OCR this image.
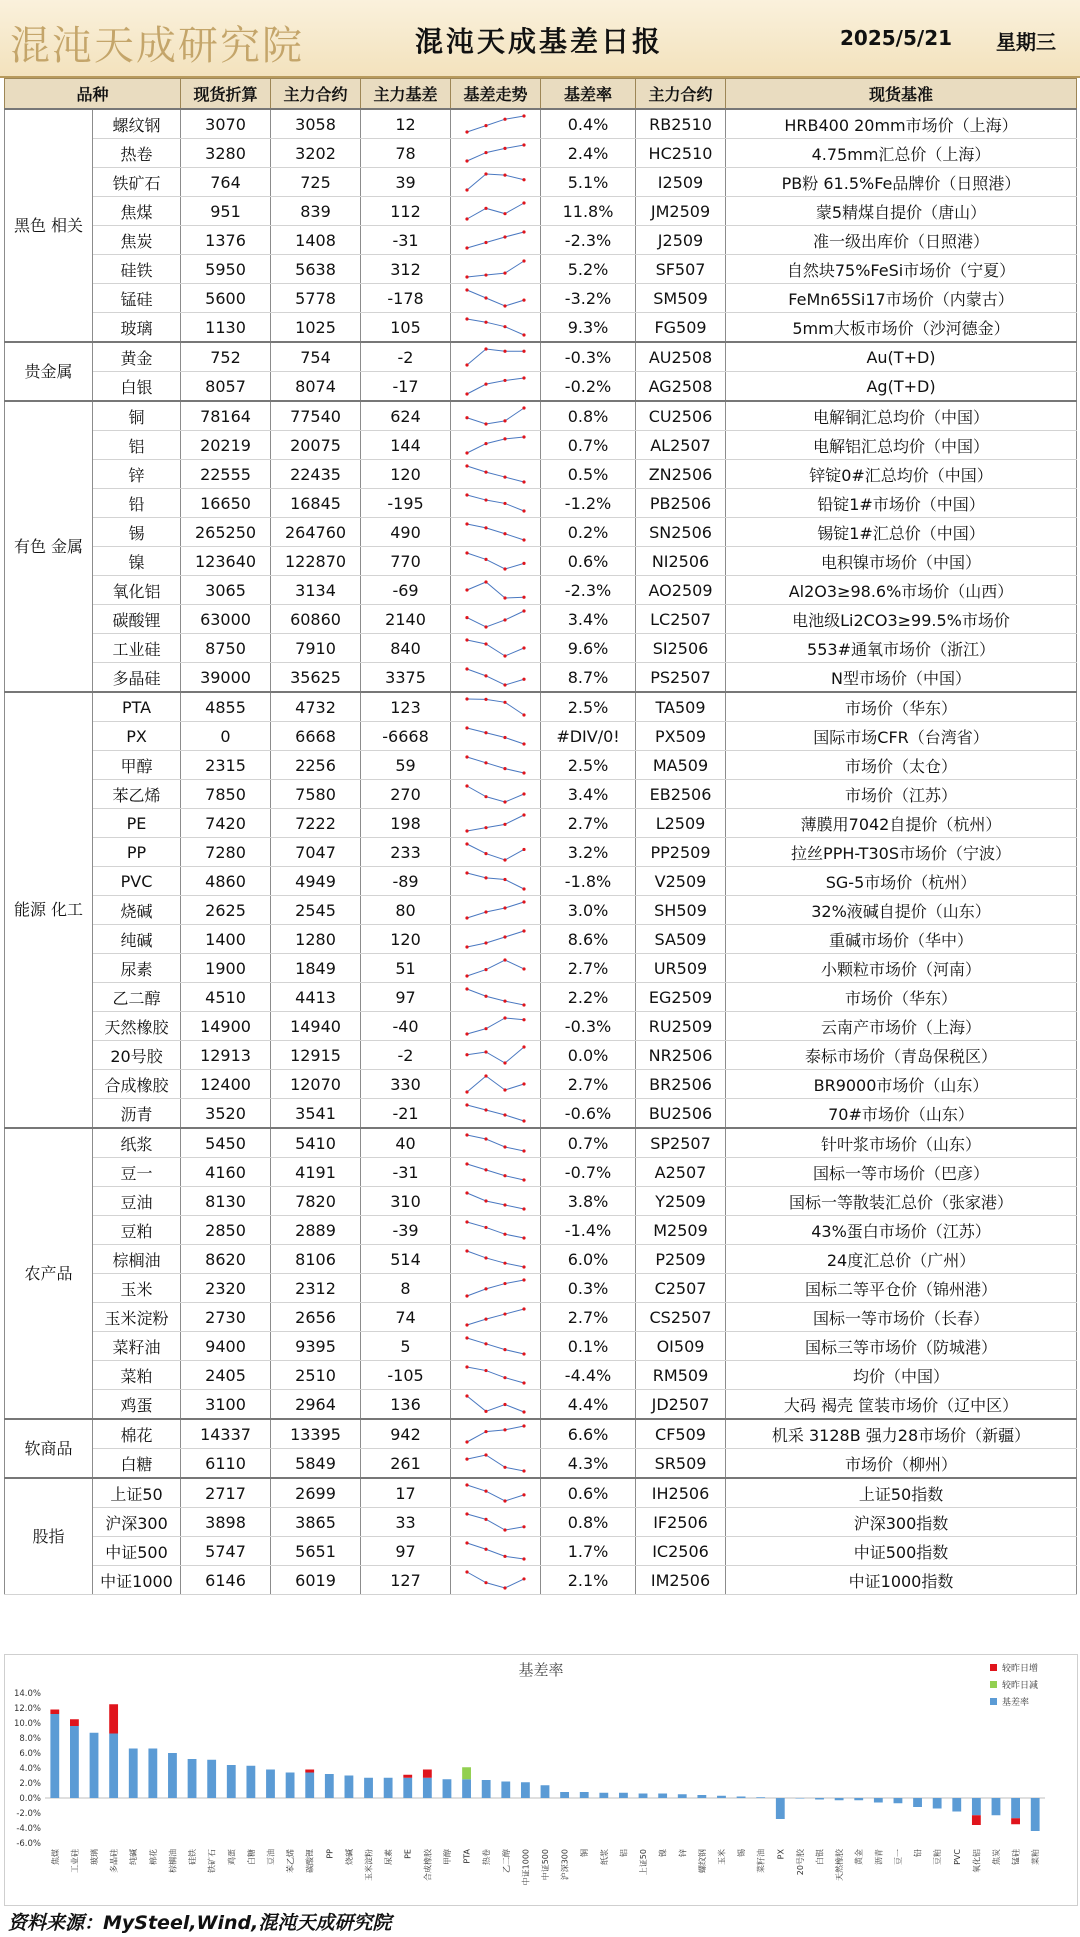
混沌天成研究院	混沌天成基差日报	2025/5/21 星期三
品种		现货折算	主力合约	主力基差	基差走势	基差率	主力合约	现货基准
黑色 相关	螺纹钢	3070	3058	12		0.4%	RB2510	HRB400 20mm市场价（上海）
	热卷	3280	3202	78		2.4%	HC2510	4.75mm汇总价（上海）
	铁矿石	764	725	39		5.1%	I2509	PB粉 61.5%Fe品牌价（日照港）
	焦煤	951	839	112		11.8%	JM2509	蒙5精煤自提价（唐山）
	焦炭	1376	1408	-31		-2.3%	J2509	准一级出库价（日照港）
	硅铁	5950	5638	312		5.2%	SF507	自然块75%FeSi市场价（宁夏）
	锰硅	5600	5778	-178		-3.2%	SM509	FeMn65Si17市场价（内蒙古）
	玻璃	1130	1025	105		9.3%	FG509	5mm大板市场价（沙河德金）
贵金属	黄金	752	754	-2		-0.3%	AU2508	Au(T+D)
	白银	8057	8074	-17		-0.2%	AG2508	Ag(T+D)
有色 金属	铜	78164	77540	624		0.8%	CU2506	电解铜汇总均价（中国）
	铝	20219	20075	144		0.7%	AL2507	电解铝汇总均价（中国）
	锌	22555	22435	120		0.5%	ZN2506	锌锭0#汇总均价（中国）
	铅	16650	16845	-195		-1.2%	PB2506	铅锭1#市场价（中国）
	锡	265250	264760	490		0.2%	SN2506	锡锭1#汇总价（中国）
	镍	123640	122870	770		0.6%	NI2506	电积镍市场价（中国）
	氧化铝	3065	3134	-69		-2.3%	AO2509	Al2O3≥98.6%市场价（山西）
	碳酸锂	63000	60860	2140		3.4%	LC2507	电池级Li2CO3≥99.5%市场价
	工业硅	8750	7910	840		9.6%	SI2506	553#通氧市场价（浙江）
	多晶硅	39000	35625	3375		8.7%	PS2507	N型市场价（中国）
能源 化工	PTA	4855	4732	123		2.5%	TA509	市场价（华东）
	PX	0	6668	-6668		#DIV/0!	PX509	国际市场CFR（台湾省）
	甲醇	2315	2256	59		2.5%	MA509	市场价（太仓）
	苯乙烯	7850	7580	270		3.4%	EB2506	市场价（江苏）
	PE	7420	7222	198		2.7%	L2509	薄膜用7042自提价（杭州）
	PP	7280	7047	233		3.2%	PP2509	拉丝PPH-T30S市场价（宁波）
	PVC	4860	4949	-89		-1.8%	V2509	SG-5市场价（杭州）
	烧碱	2625	2545	80		3.0%	SH509	32%液碱自提价（山东）
	纯碱	1400	1280	120		8.6%	SA509	重碱市场价（华中）
	尿素	1900	1849	51		2.7%	UR509	小颗粒市场价（河南）
	乙二醇	4510	4413	97		2.2%	EG2509	市场价（华东）
	天然橡胶	14900	14940	-40		-0.3%	RU2509	云南产市场价（上海）
	20号胶	12913	12915	-2		0.0%	NR2506	泰标市场价（青岛保税区）
	合成橡胶	12400	12070	330		2.7%	BR2506	BR9000市场价（山东）
	沥青	3520	3541	-21		-0.6%	BU2506	70#市场价（山东）
农产品	纸浆	5450	5410	40		0.7%	SP2507	针叶浆市场价（山东）
	豆一	4160	4191	-31		-0.7%	A2507	国标一等市场价（巴彦）
	豆油	8130	7820	310		3.8%	Y2509	国标一等散装汇总价（张家港）
	豆粕	2850	2889	-39		-1.4%	M2509	43%蛋白市场价（江苏）
	棕榈油	8620	8106	514		6.0%	P2509	24度汇总价（广州）
	玉米	2320	2312	8		0.3%	C2507	国标二等平仓价（锦州港）
	玉米淀粉	2730	2656	74		2.7%	CS2507	国标一等市场价（长春）
	菜籽油	9400	9395	5		0.1%	OI509	国标三等市场价（防城港）
	菜粕	2405	2510	-105		-4.4%	RM509	均价（中国）
	鸡蛋	3100	2964	136		4.4%	JD2507	大码 褐壳 筐装市场价（辽中区）
软商品	棉花	14337	13395	942		6.6%	CF509	机采 3128B 强力28市场价（新疆）
	白糖	6110	5849	261		4.3%	SR509	市场价（柳州）
股指	上证50	2717	2699	17		0.6%	IH2506	上证50指数
	沪深300	3898	3865	33		0.8%	IF2506	沪深300指数
	中证500	5747	5651	97		1.7%	IC2506	中证500指数
	中证1000	6146	6019	127		2.1%	IM2506	中证1000指数
基差率
-6.0%
-4.0%
-2.0%
0.0%
2.0%
4.0%
6.0%
8.0%
10.0%
12.0%
14.0%
焦煤 工业硅 玻璃 多晶硅 纯碱 棉花 棕榈油 硅铁 铁矿石 鸡蛋 白糖 豆油 苯乙烯 碳酸锂 PP 烧碱 玉米淀粉 尿素 PE 合成橡胶 甲醇 PTA 热卷 乙二醇 中证1000 中证500 沪深300 铜 纸浆 铝 上证50 镍 锌 螺纹钢 玉米 锡 菜籽油 PX 20号胶 白银 天然橡胶 黄金 沥青 豆一 铅 豆粕 PVC 氧化铝 焦炭 锰硅 菜粕
较昨日增
较昨日减
基差率
资料来源：MySteel,Wind,混沌天成研究院
